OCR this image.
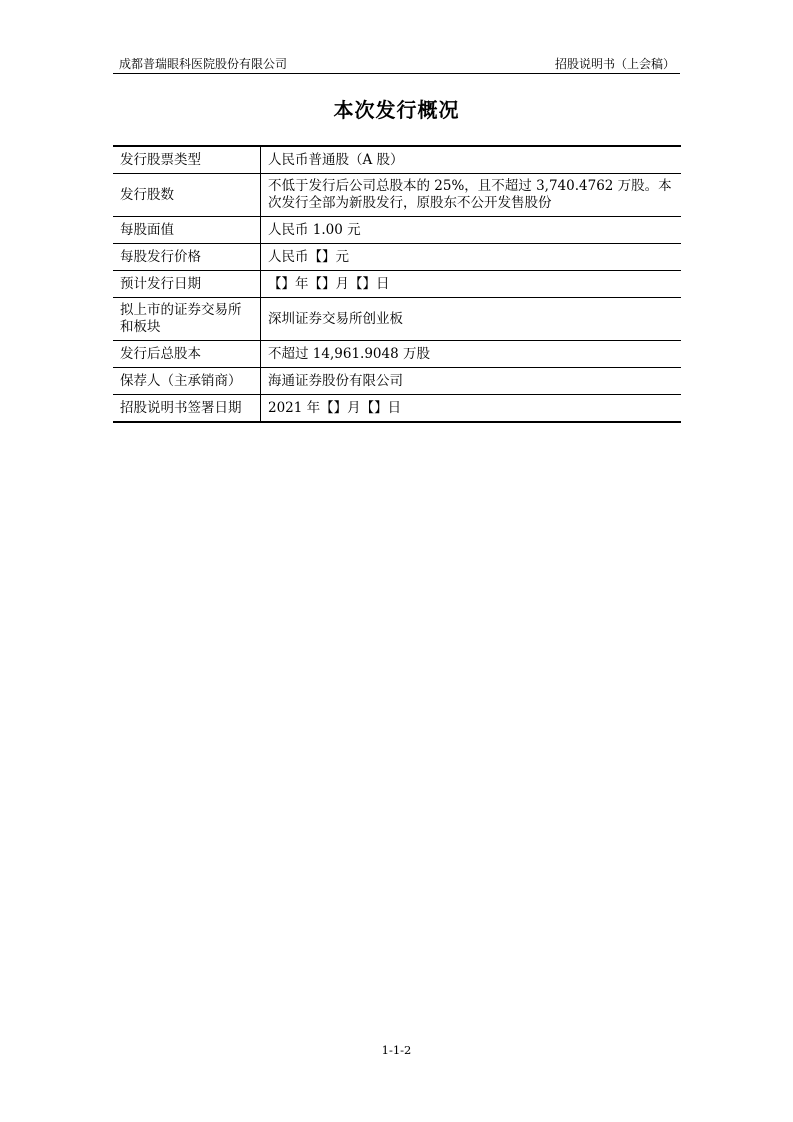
成都普瑞眼科医院股份有限公司	招股说明书（上会稿）
本次发行概况
发行股票类型	人民币普通股（A 股）
发行股数	不低于发行后公司总股本的 25%，且不超过 3,740.4762 万股。本次发行全部为新股发行，原股东不公开发售股份
每股面值	人民币 1.00 元
每股发行价格	人民币【】元
预计发行日期	【】年【】月【】日
拟上市的证券交易所和板块	深圳证券交易所创业板
发行后总股本	不超过 14,961.9048 万股
保荐人（主承销商）	海通证券股份有限公司
招股说明书签署日期	2021 年【】月【】日
1-1-2
